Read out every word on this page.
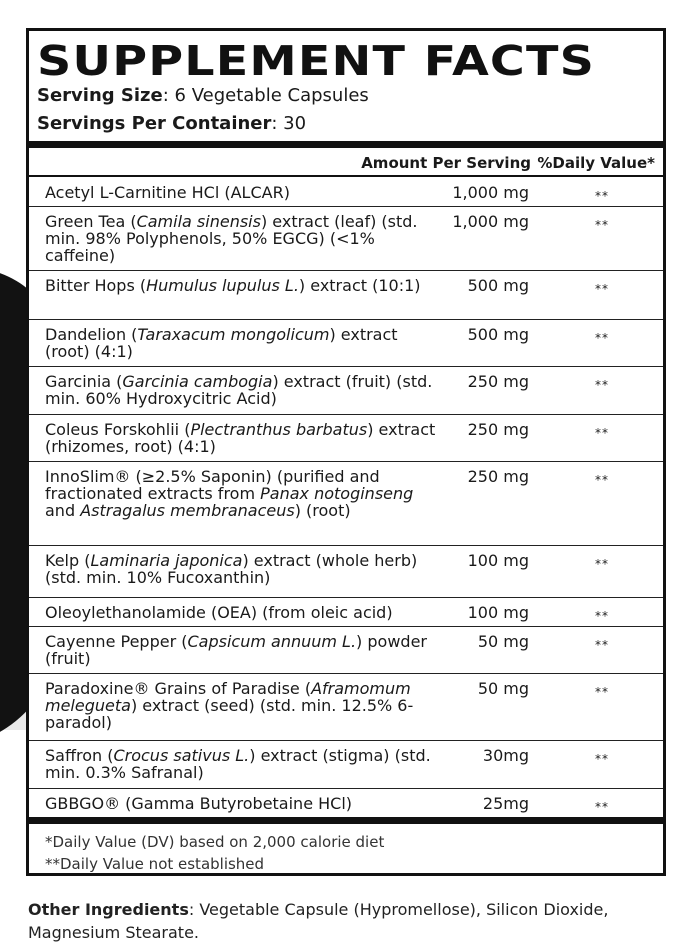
SUPPLEMENT FACTS
Serving Size: 6 Vegetable Capsules
Servings Per Container: 30
Amount Per Serving %Daily Value*
Acetyl L-Carnitine HCl (ALCAR)	1,000 mg	**
Green Tea (Camila sinensis) extract (leaf) (std. min. 98% Polyphenols, 50% EGCG) (<1% caffeine)
1,000 mg	**
Bitter Hops (Humulus lupulus L.) extract (10:1)	500 mg	**
Dandelion (Taraxacum mongolicum) extract (root) (4:1)
500 mg	**
Garcinia (Garcinia cambogia) extract (fruit) (std. min. 60% Hydroxycitric Acid)
250 mg	**
Coleus Forskohlii (Plectranthus barbatus) extract (rhizomes, root) (4:1)
250 mg	**
InnoSlim® (≥2.5% Saponin) (purified and fractionated extracts from Panax notoginseng and Astragalus membranaceus) (root)
250 mg	**
Kelp (Laminaria japonica) extract (whole herb) (std. min. 10% Fucoxanthin)
100 mg	**
Oleoylethanolamide (OEA) (from oleic acid)	100 mg	**
Cayenne Pepper (Capsicum annuum L.) powder (fruit)
50 mg	**
Paradoxine® Grains of Paradise (Aframomum melegueta) extract (seed) (std. min. 12.5% 6-paradol)
50 mg	**
Saffron (Crocus sativus L.) extract (stigma) (std. min. 0.3% Safranal)
30mg	**
GBBGO® (Gamma Butyrobetaine HCl)	25mg	**
*Daily Value (DV) based on 2,000 calorie diet
**Daily Value not established
Other Ingredients: Vegetable Capsule (Hypromellose), Silicon Dioxide, Magnesium Stearate.
